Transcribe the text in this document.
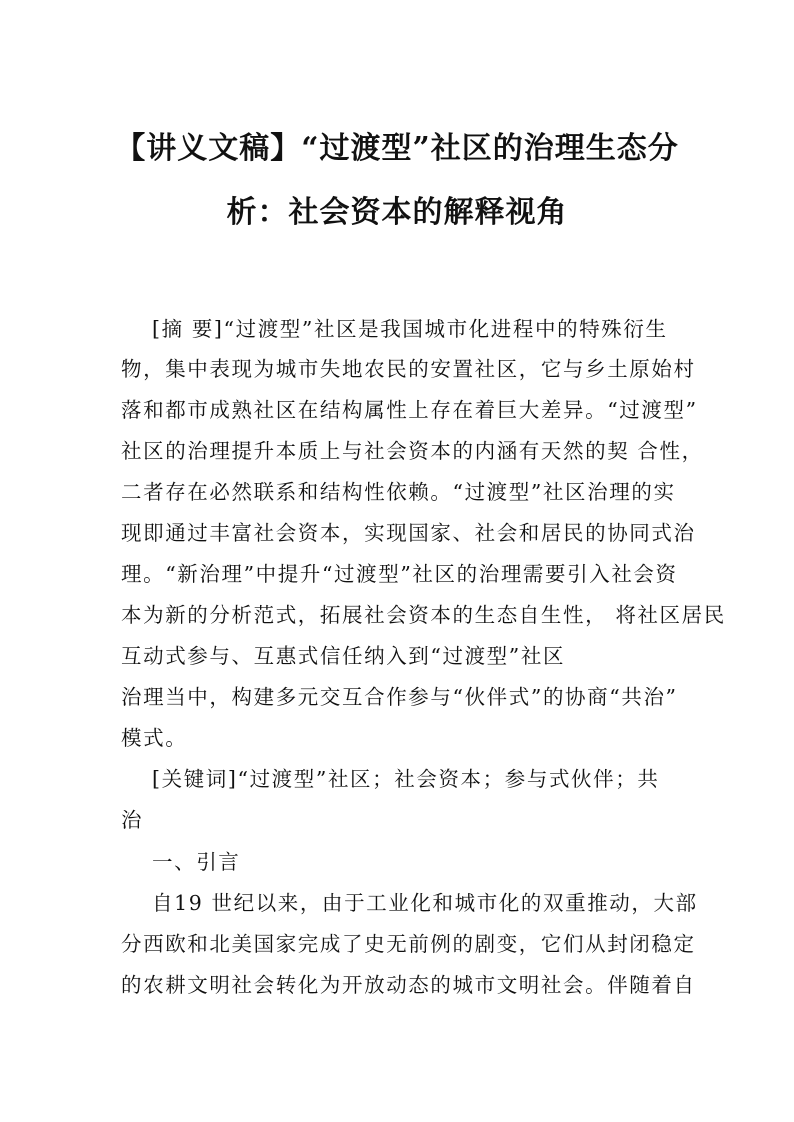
【讲义文稿】“过渡型”社区的治理生态分
析：社会资本的解释视角
[摘 要]“过渡型”社区是我国城市化进程中的特殊衍生
物，集中表现为城市失地农民的安置社区，它与乡土原始村
落和都市成熟社区在结构属性上存在着巨大差异。“过渡型”
社区的治理提升本质上与社会资本的内涵有天然的契 合性，
二者存在必然联系和结构性依赖。“过渡型”社区治理的实
现即通过丰富社会资本，实现国家、社会和居民的协同式治
理。“新治理”中提升“过渡型”社区的治理需要引入社会资
本为新的分析范式，拓展社会资本的生态自生性， 将社区居民
互动式参与、互惠式信任纳入到“过渡型”社区
治理当中，构建多元交互合作参与“伙伴式”的协商“共治”
模式。
[关键词]“过渡型”社区；社会资本；参与式伙伴；共
治
一、引言
自19 世纪以来，由于工业化和城市化的双重推动，大部
分西欧和北美国家完成了史无前例的剧变，它们从封闭稳定
的农耕文明社会转化为开放动态的城市文明社会。伴随着自
